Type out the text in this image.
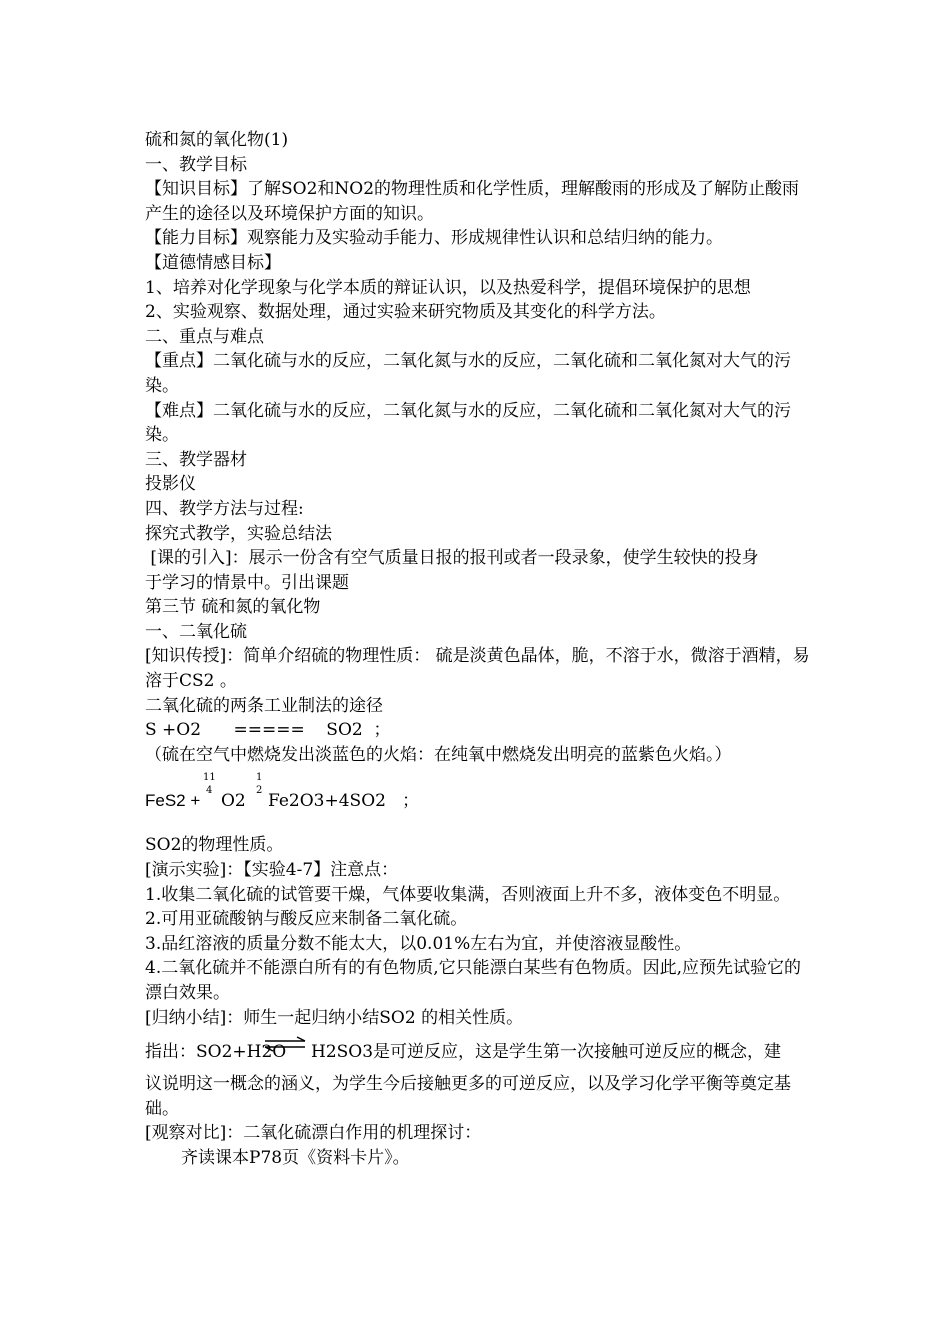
硫和氮的氧化物(1)

一、教学目标

【知识目标】了解SO2和NO2的物理性质和化学性质，理解酸雨的形成及了解防止酸雨产生的途径以及环境保护方面的知识。

【能力目标】观察能力及实验动手能力、形成规律性认识和总结归纳的能力。

【道德情感目标】

1、培养对化学现象与化学本质的辩证认识，以及热爱科学，提倡环境保护的思想

2、实验观察、数据处理，通过实验来研究物质及其变化的科学方法。

二、重点与难点

【重点】二氧化硫与水的反应，二氧化氮与水的反应，二氧化硫和二氧化氮对大气的污染。

【难点】二氧化硫与水的反应，二氧化氮与水的反应，二氧化硫和二氧化氮对大气的污染。

三、教学器材

投影仪

四、教学方法与过程:

探究式教学，实验总结法

[课的引入]：展示一份含有空气质量日报的报刊或者一段录象，使学生较快的投身

于学习的情景中。引出课题

第三节 硫和氮的氧化物

一、二氧化硫

[知识传授]：简单介绍硫的物理性质： 硫是淡黄色晶体，脆，不溶于水，微溶于酒精，易溶于CS2 。

二氧化硫的两条工业制法的途径

S +O2      =====    SO2  ；

（硫在空气中燃烧发出淡蓝色的火焰：在纯氧中燃烧发出明亮的蓝紫色火焰。）

FeS2 +
11
4
O2
1
2
Fe2O3+4SO2   ；

SO2的物理性质。

[演示实验]：【实验4-7】注意点：

1.收集二氧化硫的试管要干燥，气体要收集满，否则液面上升不多，液体变色不明显。

2.可用亚硫酸钠与酸反应来制备二氧化硫。

3.品红溶液的质量分数不能太大，以0.01%左右为宜，并使溶液显酸性。

4.二氧化硫并不能漂白所有的有色物质,它只能漂白某些有色物质。因此,应预先试验它的漂白效果。

[归纳小结]：师生一起归纳小结SO2 的相关性质。

指出：SO2+H2O ⇌ H2SO3是可逆反应，这是学生第一次接触可逆反应的概念，建

议说明这一概念的涵义，为学生今后接触更多的可逆反应，以及学习化学平衡等奠定基础。

[观察对比]：二氧化硫漂白作用的机理探讨：

齐读课本P78页《资料卡片》。
